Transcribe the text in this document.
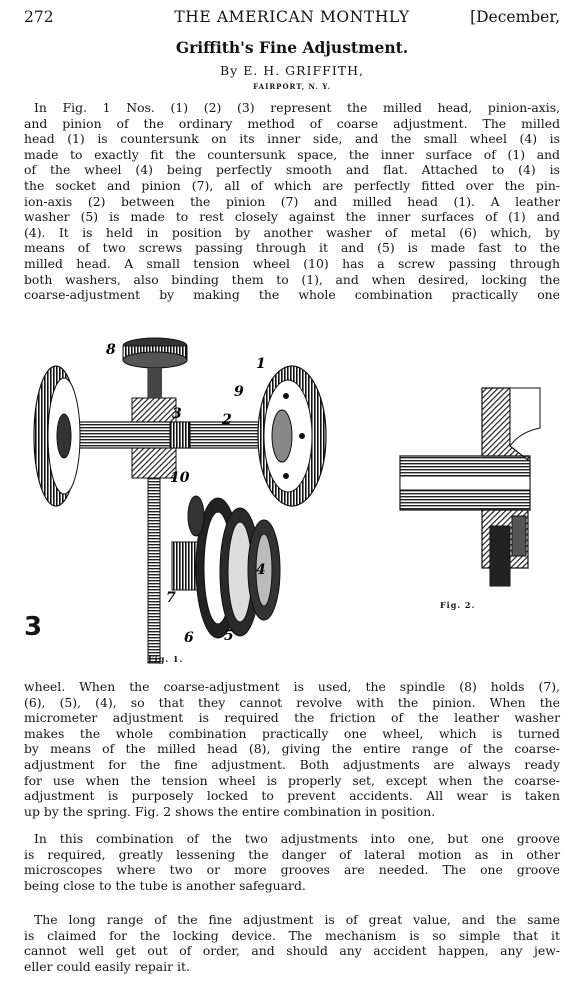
272	THE AMERICAN MONTHLY	[December,
Griffith's Fine Adjustment.
By E. H. GRIFFITH,
FAIRPORT, N. Y.
In Fig. 1 Nos. (1) (2) (3) represent the milled head, pinion-axis,
and pinion of the ordinary method of coarse adjustment. The milled
head (1) is countersunk on its inner side, and the small wheel (4) is
made to exactly fit the countersunk space, the inner surface of (1) and
of the wheel (4) being perfectly smooth and flat. Attached to (4) is
the socket and pinion (7), all of which are perfectly fitted over the pin-
ion-axis (2) between the pinion (7) and milled head (1). A leather
washer (5) is made to rest closely against the inner surfaces of (1) and
(4). It is held in position by another washer of metal (6) which, by
means of two screws passing through it and (5) is made fast to the
milled head. A small tension wheel (10) has a screw passing through
both washers, also binding them to (1), and when desired, locking the
coarse-adjustment by making the whole combination practically one
8
1
9
3	2
10
4
7
6 5
Fig. 1.
Fig. 2.
3
wheel. When the coarse-adjustment is used, the spindle (8) holds (7),
(6), (5), (4), so that they cannot revolve with the pinion. When the
micrometer adjustment is required the friction of the leather washer
makes the whole combination practically one wheel, which is turned
by means of the milled head (8), giving the entire range of the coarse-
adjustment for the fine adjustment. Both adjustments are always ready
for use when the tension wheel is properly set, except when the coarse-
adjustment is purposely locked to prevent accidents. All wear is taken
up by the spring. Fig. 2 shows the entire combination in position.
In this combination of the two adjustments into one, but one groove
is required, greatly lessening the danger of lateral motion as in other
microscopes where two or more grooves are needed. The one groove
being close to the tube is another safeguard.
The long range of the fine adjustment is of great value, and the same
is claimed for the locking device. The mechanism is so simple that it
cannot well get out of order, and should any accident happen, any jew-
eller could easily repair it.
